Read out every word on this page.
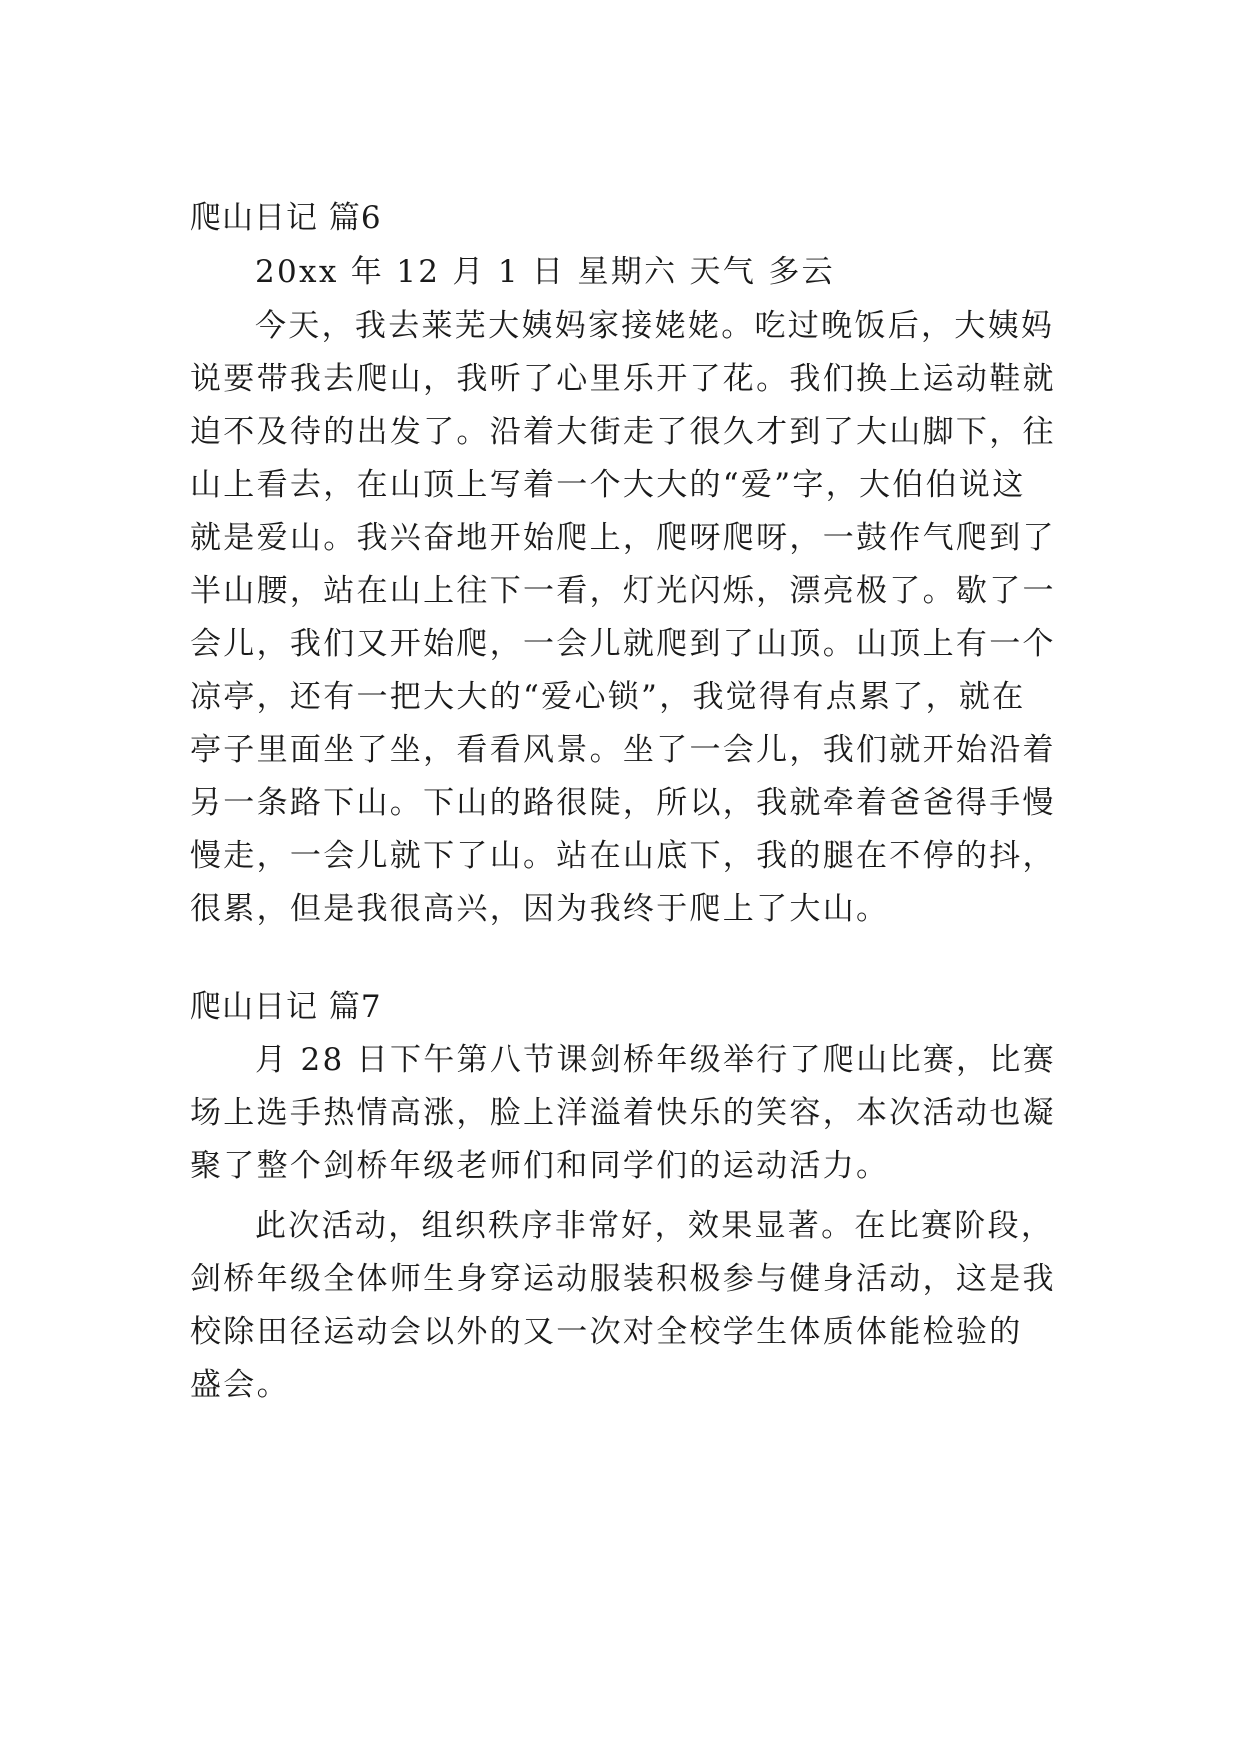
爬山日记 篇6
20xx 年 12 月 1 日 星期六 天气 多云
今天，我去莱芜大姨妈家接姥姥。吃过晚饭后，大姨妈
说要带我去爬山，我听了心里乐开了花。我们换上运动鞋就
迫不及待的出发了。沿着大街走了很久才到了大山脚下，往
山上看去，在山顶上写着一个大大的“爱”字，大伯伯说这
就是爱山。我兴奋地开始爬上，爬呀爬呀，一鼓作气爬到了
半山腰，站在山上往下一看，灯光闪烁，漂亮极了。歇了一
会儿，我们又开始爬，一会儿就爬到了山顶。山顶上有一个
凉亭，还有一把大大的“爱心锁”，我觉得有点累了，就在
亭子里面坐了坐，看看风景。坐了一会儿，我们就开始沿着
另一条路下山。下山的路很陡，所以，我就牵着爸爸得手慢
慢走，一会儿就下了山。站在山底下，我的腿在不停的抖，
很累，但是我很高兴，因为我终于爬上了大山。
爬山日记 篇7
月 28 日下午第八节课剑桥年级举行了爬山比赛，比赛
场上选手热情高涨，脸上洋溢着快乐的笑容，本次活动也凝
聚了整个剑桥年级老师们和同学们的运动活力。
此次活动，组织秩序非常好，效果显著。在比赛阶段，
剑桥年级全体师生身穿运动服装积极参与健身活动，这是我
校除田径运动会以外的又一次对全校学生体质体能检验的
盛会。
